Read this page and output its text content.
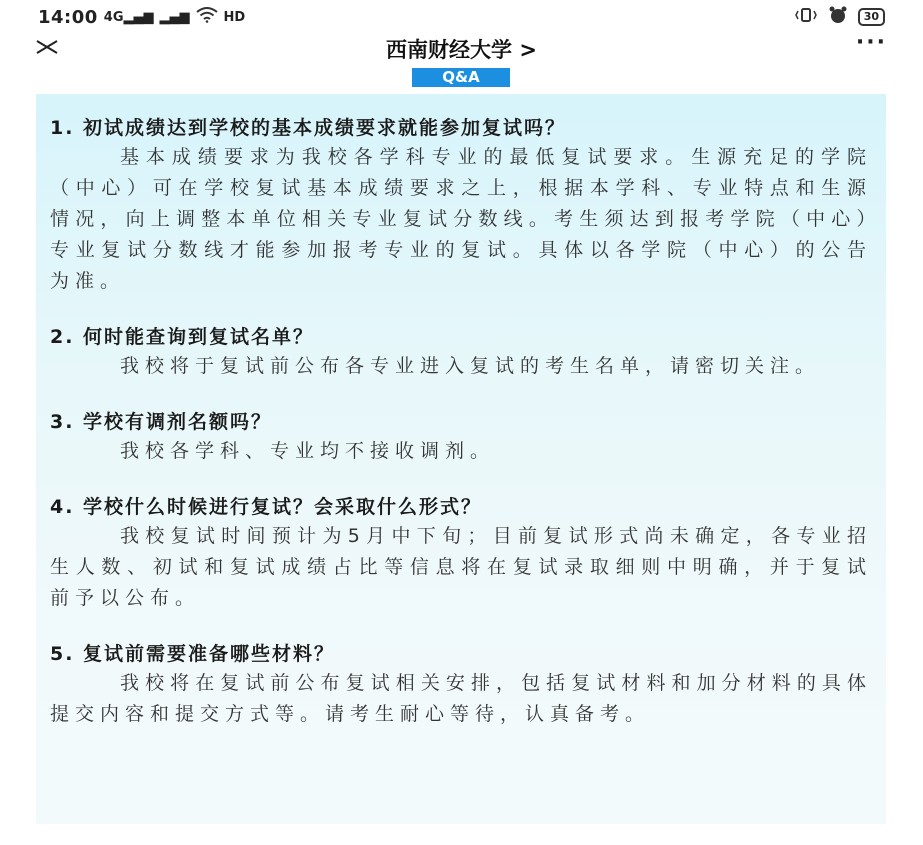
14:00 4G▂▄▆ ▂▄▆	HD	30
西南财经大学 >	···
Q&A

1. 初试成绩达到学校的基本成绩要求就能参加复试吗？

基本成绩要求为我校各学科专业的最低复试要求。生源充足的学院（中心）可在学校复试基本成绩要求之上，根据本学科、专业特点和生源情况，向上调整本单位相关专业复试分数线。考生须达到报考学院（中心）专业复试分数线才能参加报考专业的复试。具体以各学院（中心）的公告为准。

2. 何时能查询到复试名单？

我校将于复试前公布各专业进入复试的考生名单，请密切关注。

3. 学校有调剂名额吗？

我校各学科、专业均不接收调剂。

4. 学校什么时候进行复试？会采取什么形式？

我校复试时间预计为5月中下旬；目前复试形式尚未确定，各专业招生人数、初试和复试成绩占比等信息将在复试录取细则中明确，并于复试前予以公布。

5. 复试前需要准备哪些材料？

我校将在复试前公布复试相关安排，包括复试材料和加分材料的具体提交内容和提交方式等。请考生耐心等待，认真备考。
